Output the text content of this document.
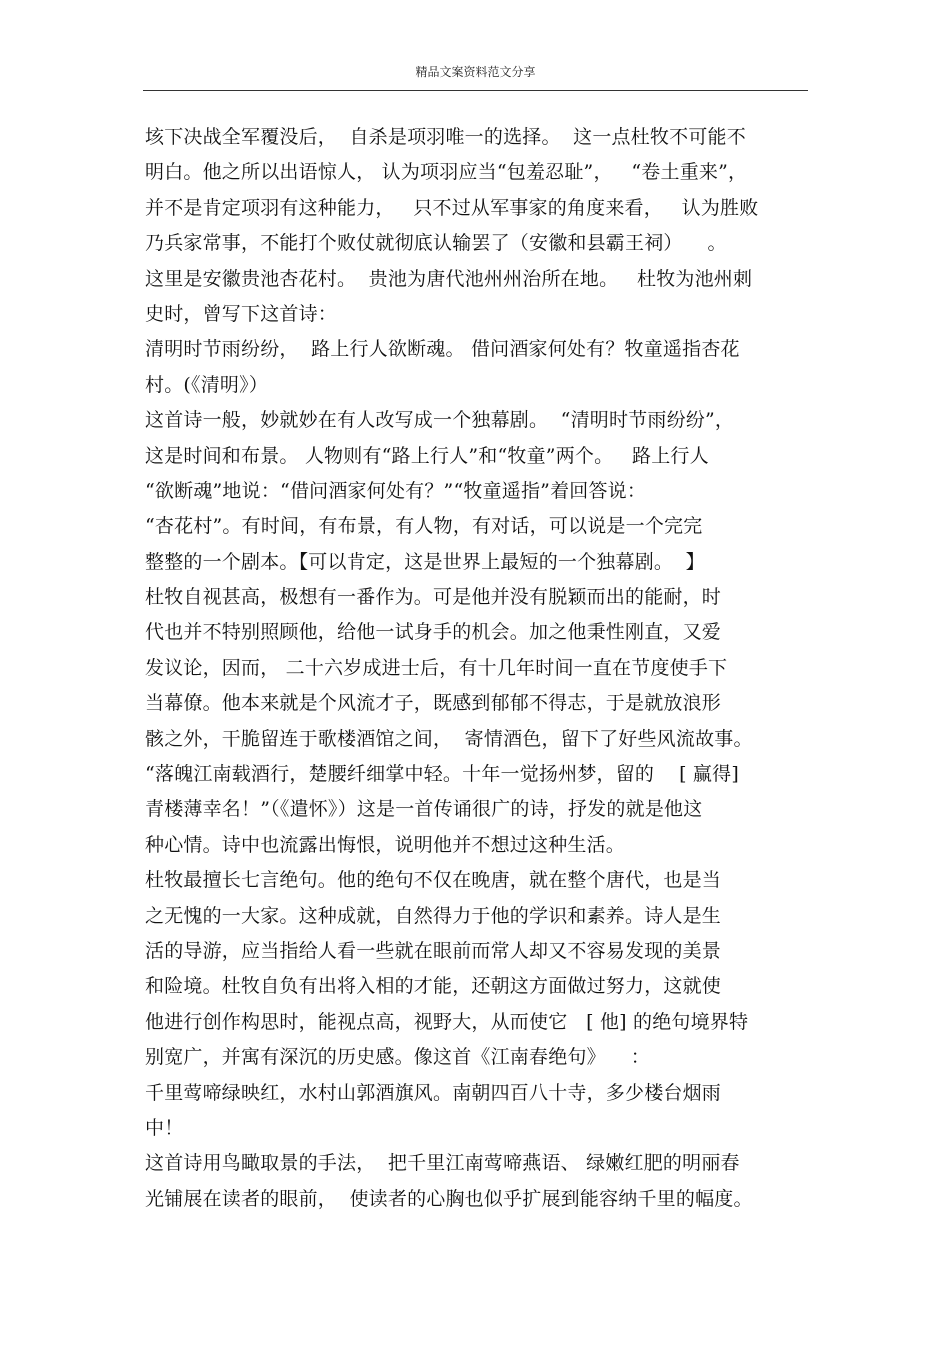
精品文案资料范文分享
垓下决战全军覆没后，  自杀是项羽唯一的选择。  这一点杜牧不可能不
明白。他之所以出语惊人， 认为项羽应当“包羞忍耻”，   “卷土重来”，
并不是肯定项羽有这种能力，   只不过从军事家的角度来看，   认为胜败
乃兵家常事，不能打个败仗就彻底认输罢了（安徽和县霸王祠）    。
这里是安徽贵池杏花村。  贵池为唐代池州州治所在地。   杜牧为池州刺
史时，曾写下这首诗：
清明时节雨纷纷，  路上行人欲断魂。 借问酒家何处有？牧童遥指杏花
村。(《清明》）
这首诗一般，妙就妙在有人改写成一个独幕剧。  “清明时节雨纷纷”，
这是时间和布景。 人物则有“路上行人”和“牧童”两个。   路上行人
“欲断魂”地说：“借问酒家何处有？”“牧童遥指”着回答说：
“杏花村”。有时间，有布景，有人物，有对话，可以说是一个完完
整整的一个剧本。【可以肯定，这是世界上最短的一个独幕剧。  】
杜牧自视甚高，极想有一番作为。可是他并没有脱颖而出的能耐，时
代也并不特别照顾他，给他一试身手的机会。加之他秉性刚直，又爱
发议论，因而， 二十六岁成进士后，有十几年时间一直在节度使手下
当幕僚。他本来就是个风流才子，既感到郁郁不得志，于是就放浪形
骸之外，干脆留连于歌楼酒馆之间，  寄情酒色，留下了好些风流故事。
“落魄江南载酒行，楚腰纤细掌中轻。十年一觉扬州梦，留的    [ 赢得]
青楼薄幸名！”（《遣怀》）这是一首传诵很广的诗，抒发的就是他这
种心情。诗中也流露出悔恨，说明他并不想过这种生活。
杜牧最擅长七言绝句。他的绝句不仅在晚唐，就在整个唐代，也是当
之无愧的一大家。这种成就，自然得力于他的学识和素养。诗人是生
活的导游，应当指给人看一些就在眼前而常人却又不容易发现的美景
和险境。杜牧自负有出将入相的才能，还朝这方面做过努力，这就使
他进行创作构思时，能视点高，视野大，从而使它   [ 他] 的绝句境界特
别宽广，并寓有深沉的历史感。像这首《江南春绝句》    ：
千里莺啼绿映红，水村山郭酒旗风。南朝四百八十寺，多少楼台烟雨
中！
这首诗用鸟瞰取景的手法，  把千里江南莺啼燕语、 绿嫩红肥的明丽春
光铺展在读者的眼前，  使读者的心胸也似乎扩展到能容纳千里的幅度。
